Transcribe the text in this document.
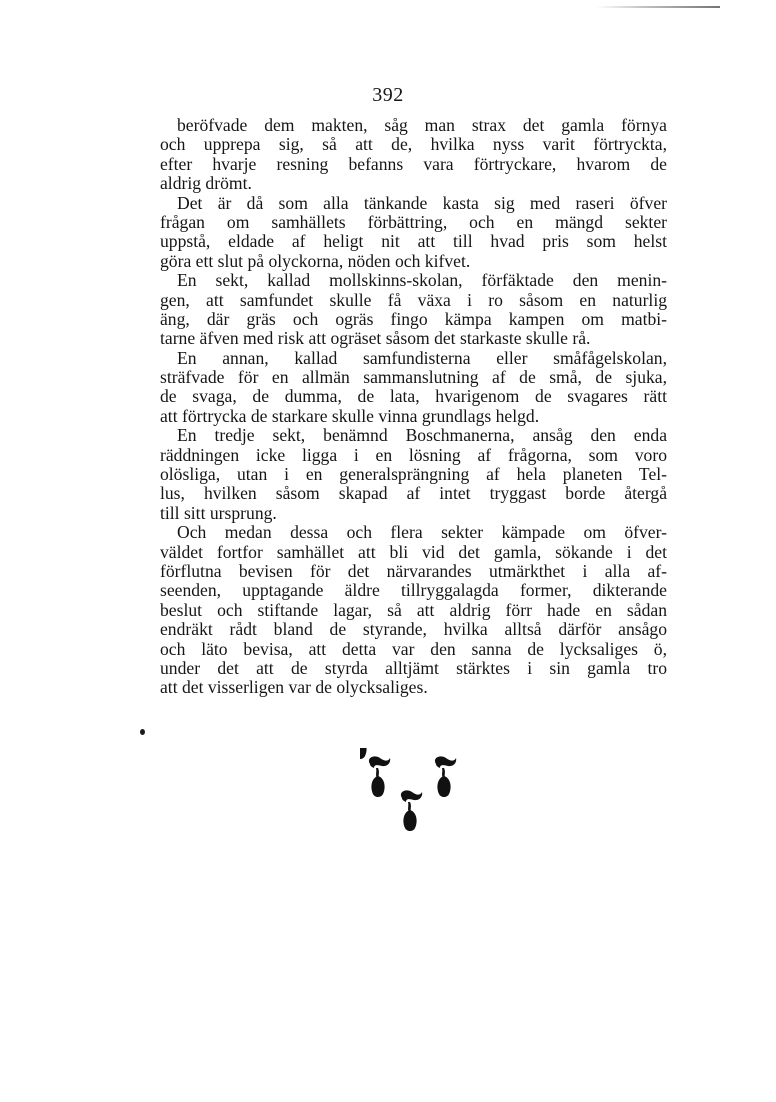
392
beröfvade dem makten, såg man strax det gamla förnya
och upprepa sig, så att de, hvilka nyss varit förtryckta,
efter hvarje resning befanns vara förtryckare, hvarom de
aldrig drömt.
Det är då som alla tänkande kasta sig med raseri öfver
frågan om samhällets förbättring, och en mängd sekter
uppstå, eldade af heligt nit att till hvad pris som helst
göra ett slut på olyckorna, nöden och kifvet.
En sekt, kallad mollskinns-skolan, förfäktade den menin-
gen, att samfundet skulle få växa i ro såsom en naturlig
äng, där gräs och ogräs fingo kämpa kampen om matbi-
tarne äfven med risk att ogräset såsom det starkaste skulle rå.
En annan, kallad samfundisterna eller småfågelskolan,
sträfvade för en allmän sammanslutning af de små, de sjuka,
de svaga, de dumma, de lata, hvarigenom de svagares rätt
att förtrycka de starkare skulle vinna grundlags helgd.
En tredje sekt, benämnd Boschmanerna, ansåg den enda
räddningen icke ligga i en lösning af frågorna, som voro
olösliga, utan i en generalsprängning af hela planeten Tel-
lus, hvilken såsom skapad af intet tryggast borde återgå
till sitt ursprung.
Och medan dessa och flera sekter kämpade om öfver-
väldet fortfor samhället att bli vid det gamla, sökande i det
förflutna bevisen för det närvarandes utmärkthet i alla af-
seenden, upptagande äldre tillryggalagda former, dikterande
beslut och stiftande lagar, så att aldrig förr hade en sådan
endräkt rådt bland de styrande, hvilka alltså därför ansågo
och läto bevisa, att detta var den sanna de lycksaliges ö,
under det att de styrda alltjämt stärktes i sin gamla tro
att det visserligen var de olycksaliges.
